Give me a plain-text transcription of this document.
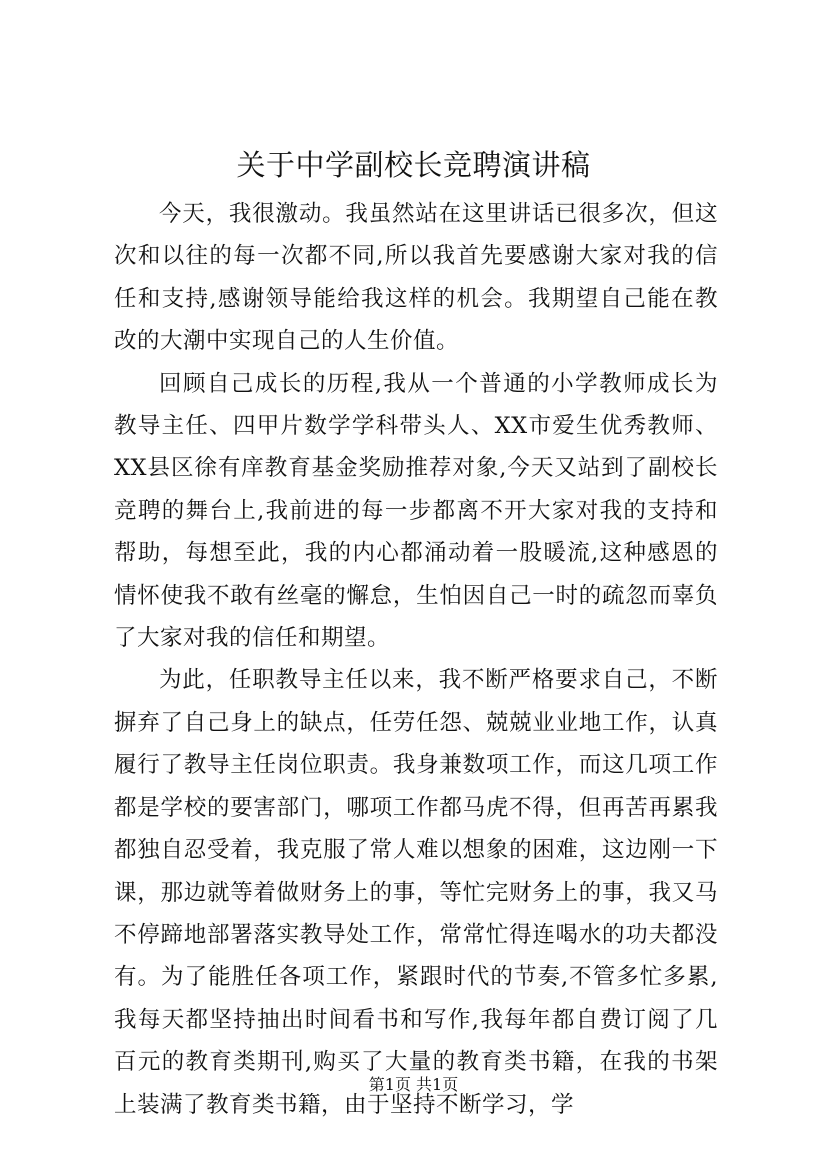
关于中学副校长竞聘演讲稿

今天，我很激动。我虽然站在这里讲话已很多次，但这次和以往的每一次都不同,所以我首先要感谢大家对我的信任和支持,感谢领导能给我这样的机会。我期望自己能在教改的大潮中实现自己的人生价值。

回顾自己成长的历程,我从一个普通的小学教师成长为教导主任、四甲片数学学科带头人、XX市爱生优秀教师、XX县区徐有庠教育基金奖励推荐对象,今天又站到了副校长竞聘的舞台上,我前进的每一步都离不开大家对我的支持和帮助，每想至此，我的内心都涌动着一股暖流,这种感恩的情怀使我不敢有丝毫的懈怠，生怕因自己一时的疏忽而辜负了大家对我的信任和期望。

为此，任职教导主任以来，我不断严格要求自己，不断摒弃了自己身上的缺点，任劳任怨、兢兢业业地工作，认真履行了教导主任岗位职责。我身兼数项工作，而这几项工作都是学校的要害部门，哪项工作都马虎不得，但再苦再累我都独自忍受着，我克服了常人难以想象的困难，这边刚一下课，那边就等着做财务上的事，等忙完财务上的事，我又马不停蹄地部署落实教导处工作，常常忙得连喝水的功夫都没有。为了能胜任各项工作，紧跟时代的节奏,不管多忙多累,我每天都坚持抽出时间看书和写作,我每年都自费订阅了几百元的教育类期刊,购买了大量的教育类书籍，在我的书架上装满了教育类书籍，由于坚持不断学习，学

第1页 共1页
